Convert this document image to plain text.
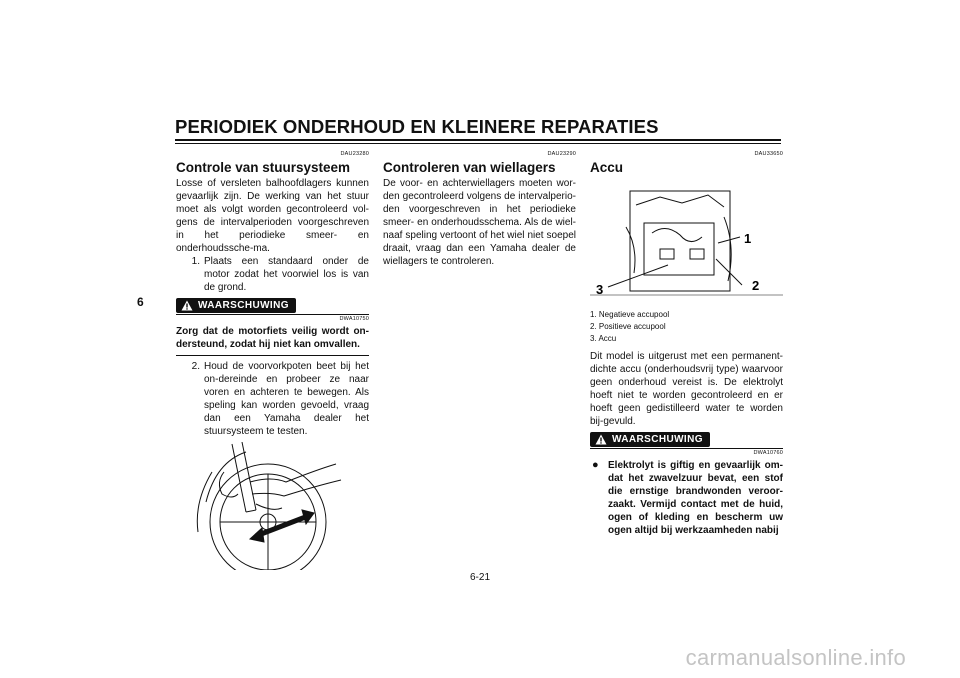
PERIODIEK ONDERHOUD EN KLEINERE REPARATIES
6
DAU23280
Controle van stuursysteem

Losse of versleten balhoofdlagers kunnen gevaarlijk zijn. De werking van het stuur moet als volgt worden gecontroleerd vol-gens de intervalperioden voorgeschreven in het periodieke smeer- en onderhoudssche-ma.

1. Plaats een standaard onder de motor zodat het voorwiel los is van de grond.
WAARSCHUWING
DWA10750

Zorg dat de motorfiets veilig wordt on-dersteund, zodat hij niet kan omvallen.

2. Houd de voorvorkpoten beet bij het on-dereinde en probeer ze naar voren en achteren te bewegen. Als speling kan worden gevoeld, vraag dan een Yamaha dealer het stuursysteem te testen.
DAU23290
Controleren van wiellagers

De voor- en achterwiellagers moeten wor-den gecontroleerd volgens de intervalperio-den voorgeschreven in het periodieke smeer- en onderhoudsschema. Als de wiel-naaf speling vertoont of het wiel niet soepel draait, vraag dan een Yamaha dealer de wiellagers te controleren.

DAU33650
Accu
1
2
3
1. Negatieve accupool
2. Positieve accupool
3. Accu

Dit model is uitgerust met een permanent-dichte accu (onderhoudsvrij type) waarvoor geen onderhoud vereist is. De elektrolyt hoeft niet te worden gecontroleerd en er hoeft geen gedistilleerd water te worden bij-gevuld.

WAARSCHUWING
DWA10760
● Elektrolyt is giftig en gevaarlijk om-dat het zwavelzuur bevat, een stof die ernstige brandwonden veroor-zaakt. Vermijd contact met de huid, ogen of kleding en bescherm uw ogen altijd bij werkzaamheden nabij
6-21
carmanualsonline.info
